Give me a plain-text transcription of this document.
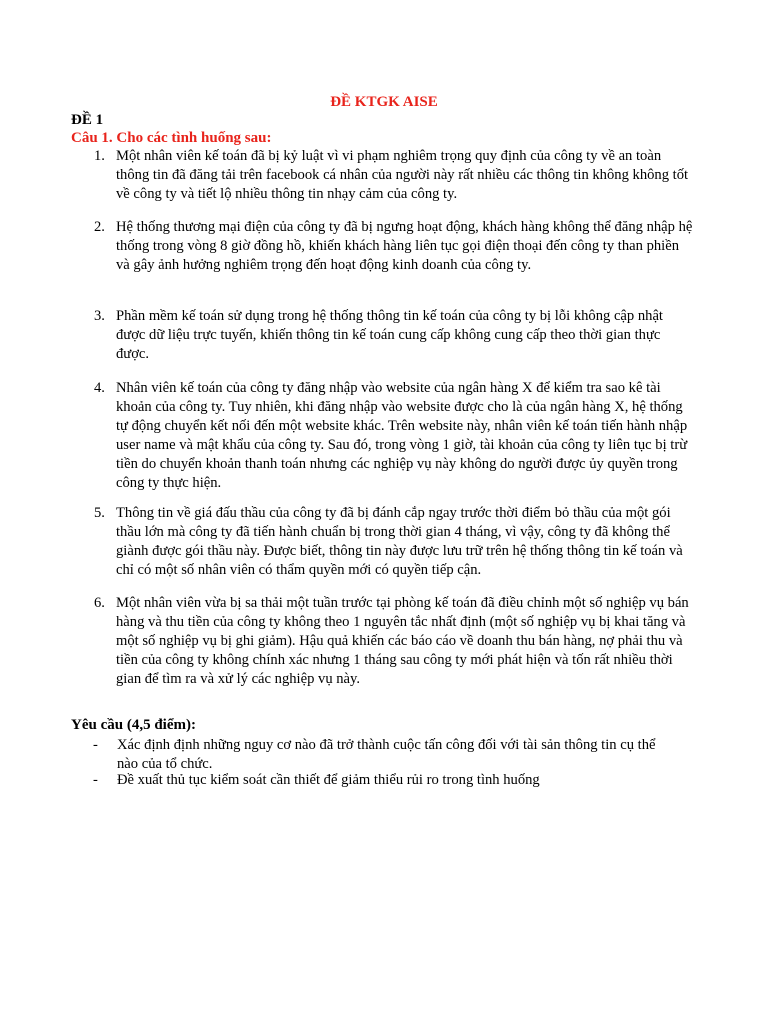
ĐỀ KTGK AISE
ĐỀ 1
Câu 1. Cho các tình huống sau:
1. Một nhân viên kế toán đã bị kỷ luật vì vi phạm nghiêm trọng quy định của công ty về an toàn thông tin đã đăng tải trên facebook cá nhân của người này rất nhiều các thông tin không không tốt về công ty và tiết lộ nhiều thông tin nhạy cảm của công ty.
2. Hệ thống thương mại điện của công ty đã bị ngưng hoạt động, khách hàng không thể đăng nhập hệ thống trong vòng 8 giờ đồng hồ, khiến khách hàng liên tục gọi điện thoại đến công ty than phiền và gây ảnh hưởng nghiêm trọng đến hoạt động kinh doanh của công ty.
3. Phần mềm kế toán sử dụng trong hệ thống thông tin kế toán của công ty bị lỗi không cập nhật được dữ liệu trực tuyến, khiến thông tin kế toán cung cấp không cung cấp theo thời gian thực được.
4. Nhân viên kế toán của công ty đăng nhập vào website của ngân hàng X để kiểm tra sao kê tài khoản của công ty. Tuy nhiên, khi đăng nhập vào website được cho là của ngân hàng X, hệ thống tự động chuyển kết nối đến một website khác. Trên website này, nhân viên kế toán tiến hành nhập user name và mật khẩu của công ty. Sau đó, trong vòng 1 giờ, tài khoản của công ty liên tục bị trừ tiền do chuyển khoản thanh toán nhưng các nghiệp vụ này không do người được ủy quyền trong công ty thực hiện.
5. Thông tin về giá đấu thầu của công ty đã bị đánh cắp ngay trước thời điểm bỏ thầu của một gói thầu lớn mà công ty đã tiến hành chuẩn bị trong thời gian 4 tháng, vì vậy, công ty đã không thể giành được gói thầu này. Được biết, thông tin này được lưu trữ trên hệ thống thông tin kế toán và chỉ có một số nhân viên có thẩm quyền mới có quyền tiếp cận.
6. Một nhân viên vừa bị sa thải một tuần trước tại phòng kế toán đã điều chỉnh một số nghiệp vụ bán hàng và thu tiền của công ty không theo 1 nguyên tắc nhất định (một số nghiệp vụ bị khai tăng và một số nghiệp vụ bị ghi giảm). Hậu quả khiến các báo cáo về doanh thu bán hàng, nợ phải thu và tiền của công ty không chính xác nhưng 1 tháng sau công ty mới phát hiện và tốn rất nhiều thời gian để tìm ra và xử lý các nghiệp vụ này.
Yêu cầu (4,5 điểm):
- Xác định định những nguy cơ nào đã trở thành cuộc tấn công đối với tài sản thông tin cụ thể nào của tổ chức.
- Đề xuất thủ tục kiểm soát cần thiết để giảm thiểu rủi ro trong tình huống
